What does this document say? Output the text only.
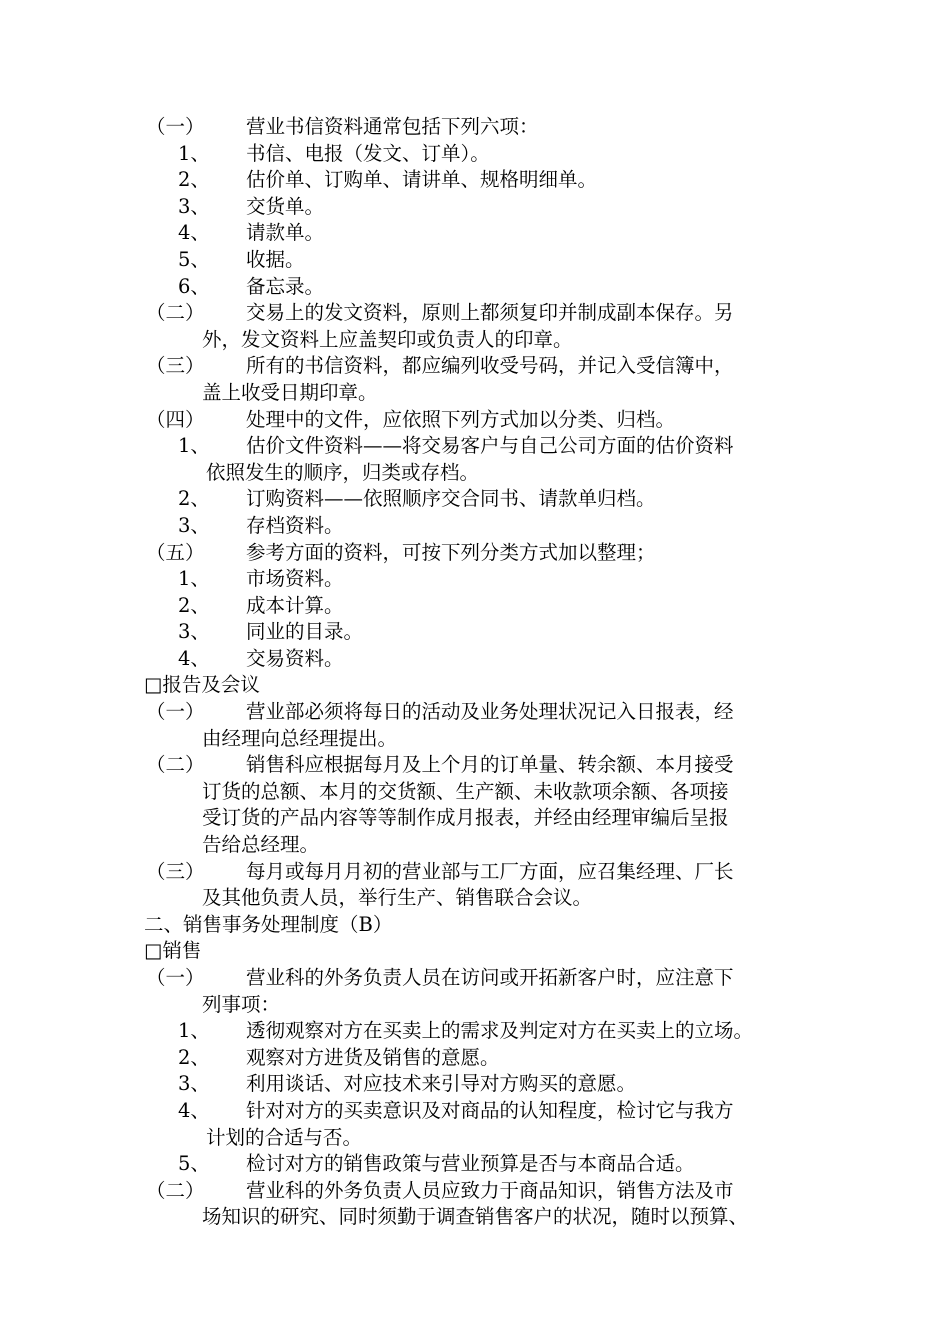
（一） 营业书信资料通常包括下列六项：
1、 书信、电报（发文、订单）。
2、 估价单、订购单、请讲单、规格明细单。
3、 交货单。
4、 请款单。
5、 收据。
6、 备忘录。
（二） 交易上的发文资料，原则上都须复印并制成副本保存。另
外，发文资料上应盖契印或负责人的印章。
（三） 所有的书信资料，都应编列收受号码，并记入受信簿中，
盖上收受日期印章。
（四） 处理中的文件，应依照下列方式加以分类、归档。
1、 估价文件资料——将交易客户与自己公司方面的估价资料
依照发生的顺序，归类或存档。
2、 订购资料——依照顺序交合同书、请款单归档。
3、 存档资料。
（五） 参考方面的资料，可按下列分类方式加以整理；
1、 市场资料。
2、 成本计算。
3、 同业的目录。
4、 交易资料。
□报告及会议
（一） 营业部必须将每日的活动及业务处理状况记入日报表，经
由经理向总经理提出。
（二） 销售科应根据每月及上个月的订单量、转余额、本月接受
订货的总额、本月的交货额、生产额、未收款项余额、各项接
受订货的产品内容等等制作成月报表，并经由经理审编后呈报
告给总经理。
（三） 每月或每月月初的营业部与工厂方面，应召集经理、厂长
及其他负责人员，举行生产、销售联合会议。
二、销售事务处理制度（B）
□销售
（一） 营业科的外务负责人员在访问或开拓新客户时，应注意下
列事项：
1、 透彻观察对方在买卖上的需求及判定对方在买卖上的立场。
2、 观察对方进货及销售的意愿。
3、 利用谈话、对应技术来引导对方购买的意愿。
4、 针对对方的买卖意识及对商品的认知程度，检讨它与我方
计划的合适与否。
5、 检讨对方的销售政策与营业预算是否与本商品合适。
（二） 营业科的外务负责人员应致力于商品知识，销售方法及市
场知识的研究、同时须勤于调查销售客户的状况，随时以预算、
